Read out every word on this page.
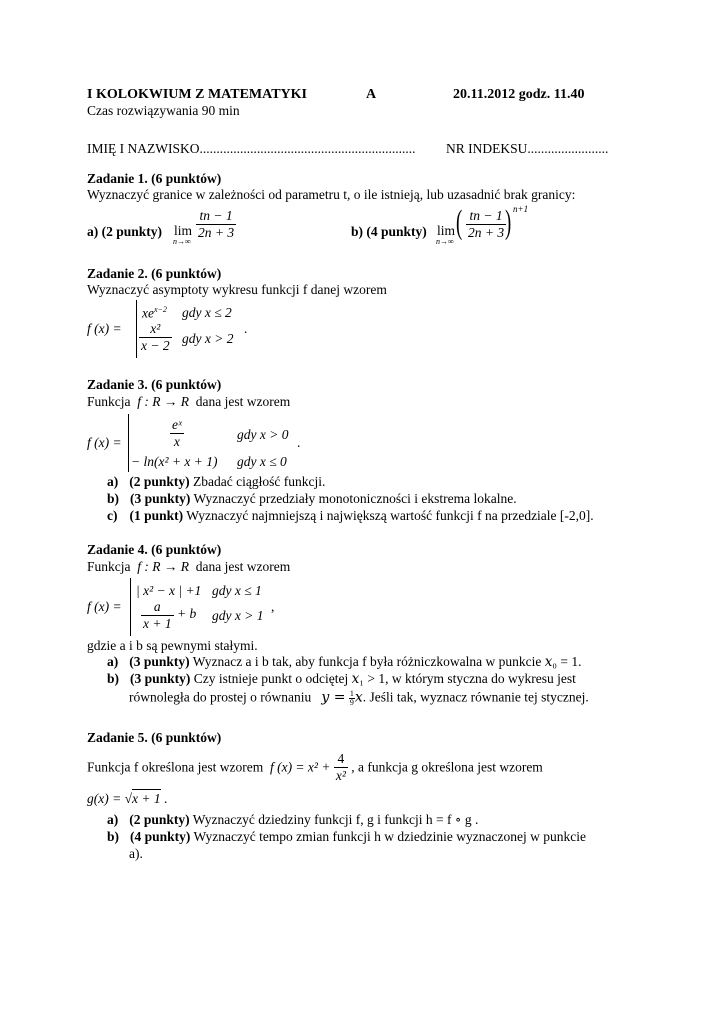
I KOLOKWIUM Z MATEMATYKI	A	20.11.2012 godz. 11.40
Czas rozwiązywania 90 min
IMIĘ I NAZWISKO................................................................ NR INDEKSU........................
Zadanie 1. (6 punktów)
Wyznaczyć granice w zależności od parametru t, o ile istnieją, lub uzasadnić brak granicy:
a) (2 punkty) lim
n→∞
$\frac{tn - 1}{2n + 3}$	b) (4 punkty) lim
n→∞
( $\frac{tn - 1}{2n + 3}$
) n+1
Zadanie 2. (6 punktów)
Wyznaczyć asymptoty wykresu funkcji f danej wzorem
f (x) =
$xe^{x-2}$ gdy x ≤ 2
$\frac{\text{x²}}{x - 2}$ gdy x > 2
.
Zadanie 3. (6 punktów)
Funkcja f : R → R dana jest wzorem
f (x) =	$\frac{\text{eˣ}}{x}$	gdy x > 0
− ln(x² + x + 1) gdy x ≤ 0
.
a) (2 punkty) Zbadać ciągłość funkcji.
b) (3 punkty) Wyznaczyć przedziały monotoniczności i ekstrema lokalne.
c) (1 punkt) Wyznaczyć najmniejszą i największą wartość funkcji f na przedziale [-2,0].
Zadanie 4. (6 punktów)
Funkcja f : R → R dana jest wzorem
f (x) =
| x² − x | +1 gdy x ≤ 1
$\frac{a}{x + 1} + b$ gdy x > 1
,
gdzie a i b są pewnymi stałymi.
a) (3 punkty) Wyznacz a i b tak, aby funkcja f była różniczkowalna w punkcie 𝑥₀ = 1.
b) (3 punkty) Czy istnieje punkt o odciętej 𝑥₁ > 1, w którym styczna do wykresu jest
równoległa do prostej o równaniu 𝑦 = $\frac{1}{9}$ 𝑥. Jeśli tak, wyznacz równanie tej stycznej.
Zadanie 5. (6 punktów)
Funkcja f określona jest wzorem f $(x) = x^2 + \frac{4}{\text{x²}}$ , a funkcja g określona jest wzorem
g(x) = √x + 1 .
a) (2 punkty) Wyznaczyć dziedziny funkcji f, g i funkcji h = f ∘ g .
b) (4 punkty) Wyznaczyć tempo zmian funkcji h w dziedzinie wyznaczonej w punkcie
a).
